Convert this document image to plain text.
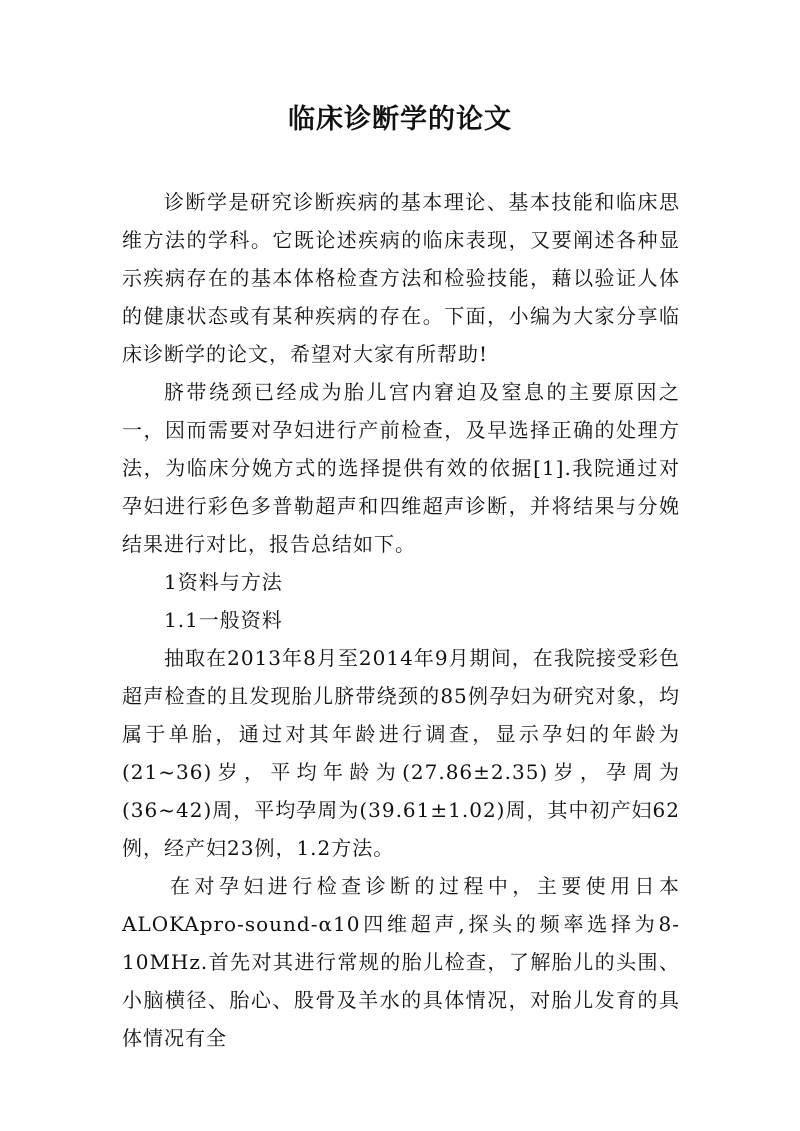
临床诊断学的论文

诊断学是研究诊断疾病的基本理论、基本技能和临床思维方法的学科。它既论述疾病的临床表现，又要阐述各种显示疾病存在的基本体格检查方法和检验技能，藉以验证人体的健康状态或有某种疾病的存在。下面，小编为大家分享临床诊断学的论文，希望对大家有所帮助!

脐带绕颈已经成为胎儿宫内窘迫及窒息的主要原因之一，因而需要对孕妇进行产前检查，及早选择正确的处理方法，为临床分娩方式的选择提供有效的依据[1].我院通过对孕妇进行彩色多普勒超声和四维超声诊断，并将结果与分娩结果进行对比，报告总结如下。

1资料与方法

1.1一般资料

抽取在2013年8月至2014年9月期间，在我院接受彩色超声检查的且发现胎儿脐带绕颈的85例孕妇为研究对象，均属于单胎，通过对其年龄进行调查，显示孕妇的年龄为(21~36)岁，平均年龄为(27.86±2.35)岁，孕周为(36~42)周，平均孕周为(39.61±1.02)周，其中初产妇62例，经产妇23例，1.2方法。

在对孕妇进行检查诊断的过程中，主要使用日本ALOKApro-sound-α10四维超声,探头的频率选择为8-10MHz.首先对其进行常规的胎儿检查，了解胎儿的头围、小脑横径、胎心、股骨及羊水的具体情况，对胎儿发育的具体情况有全
